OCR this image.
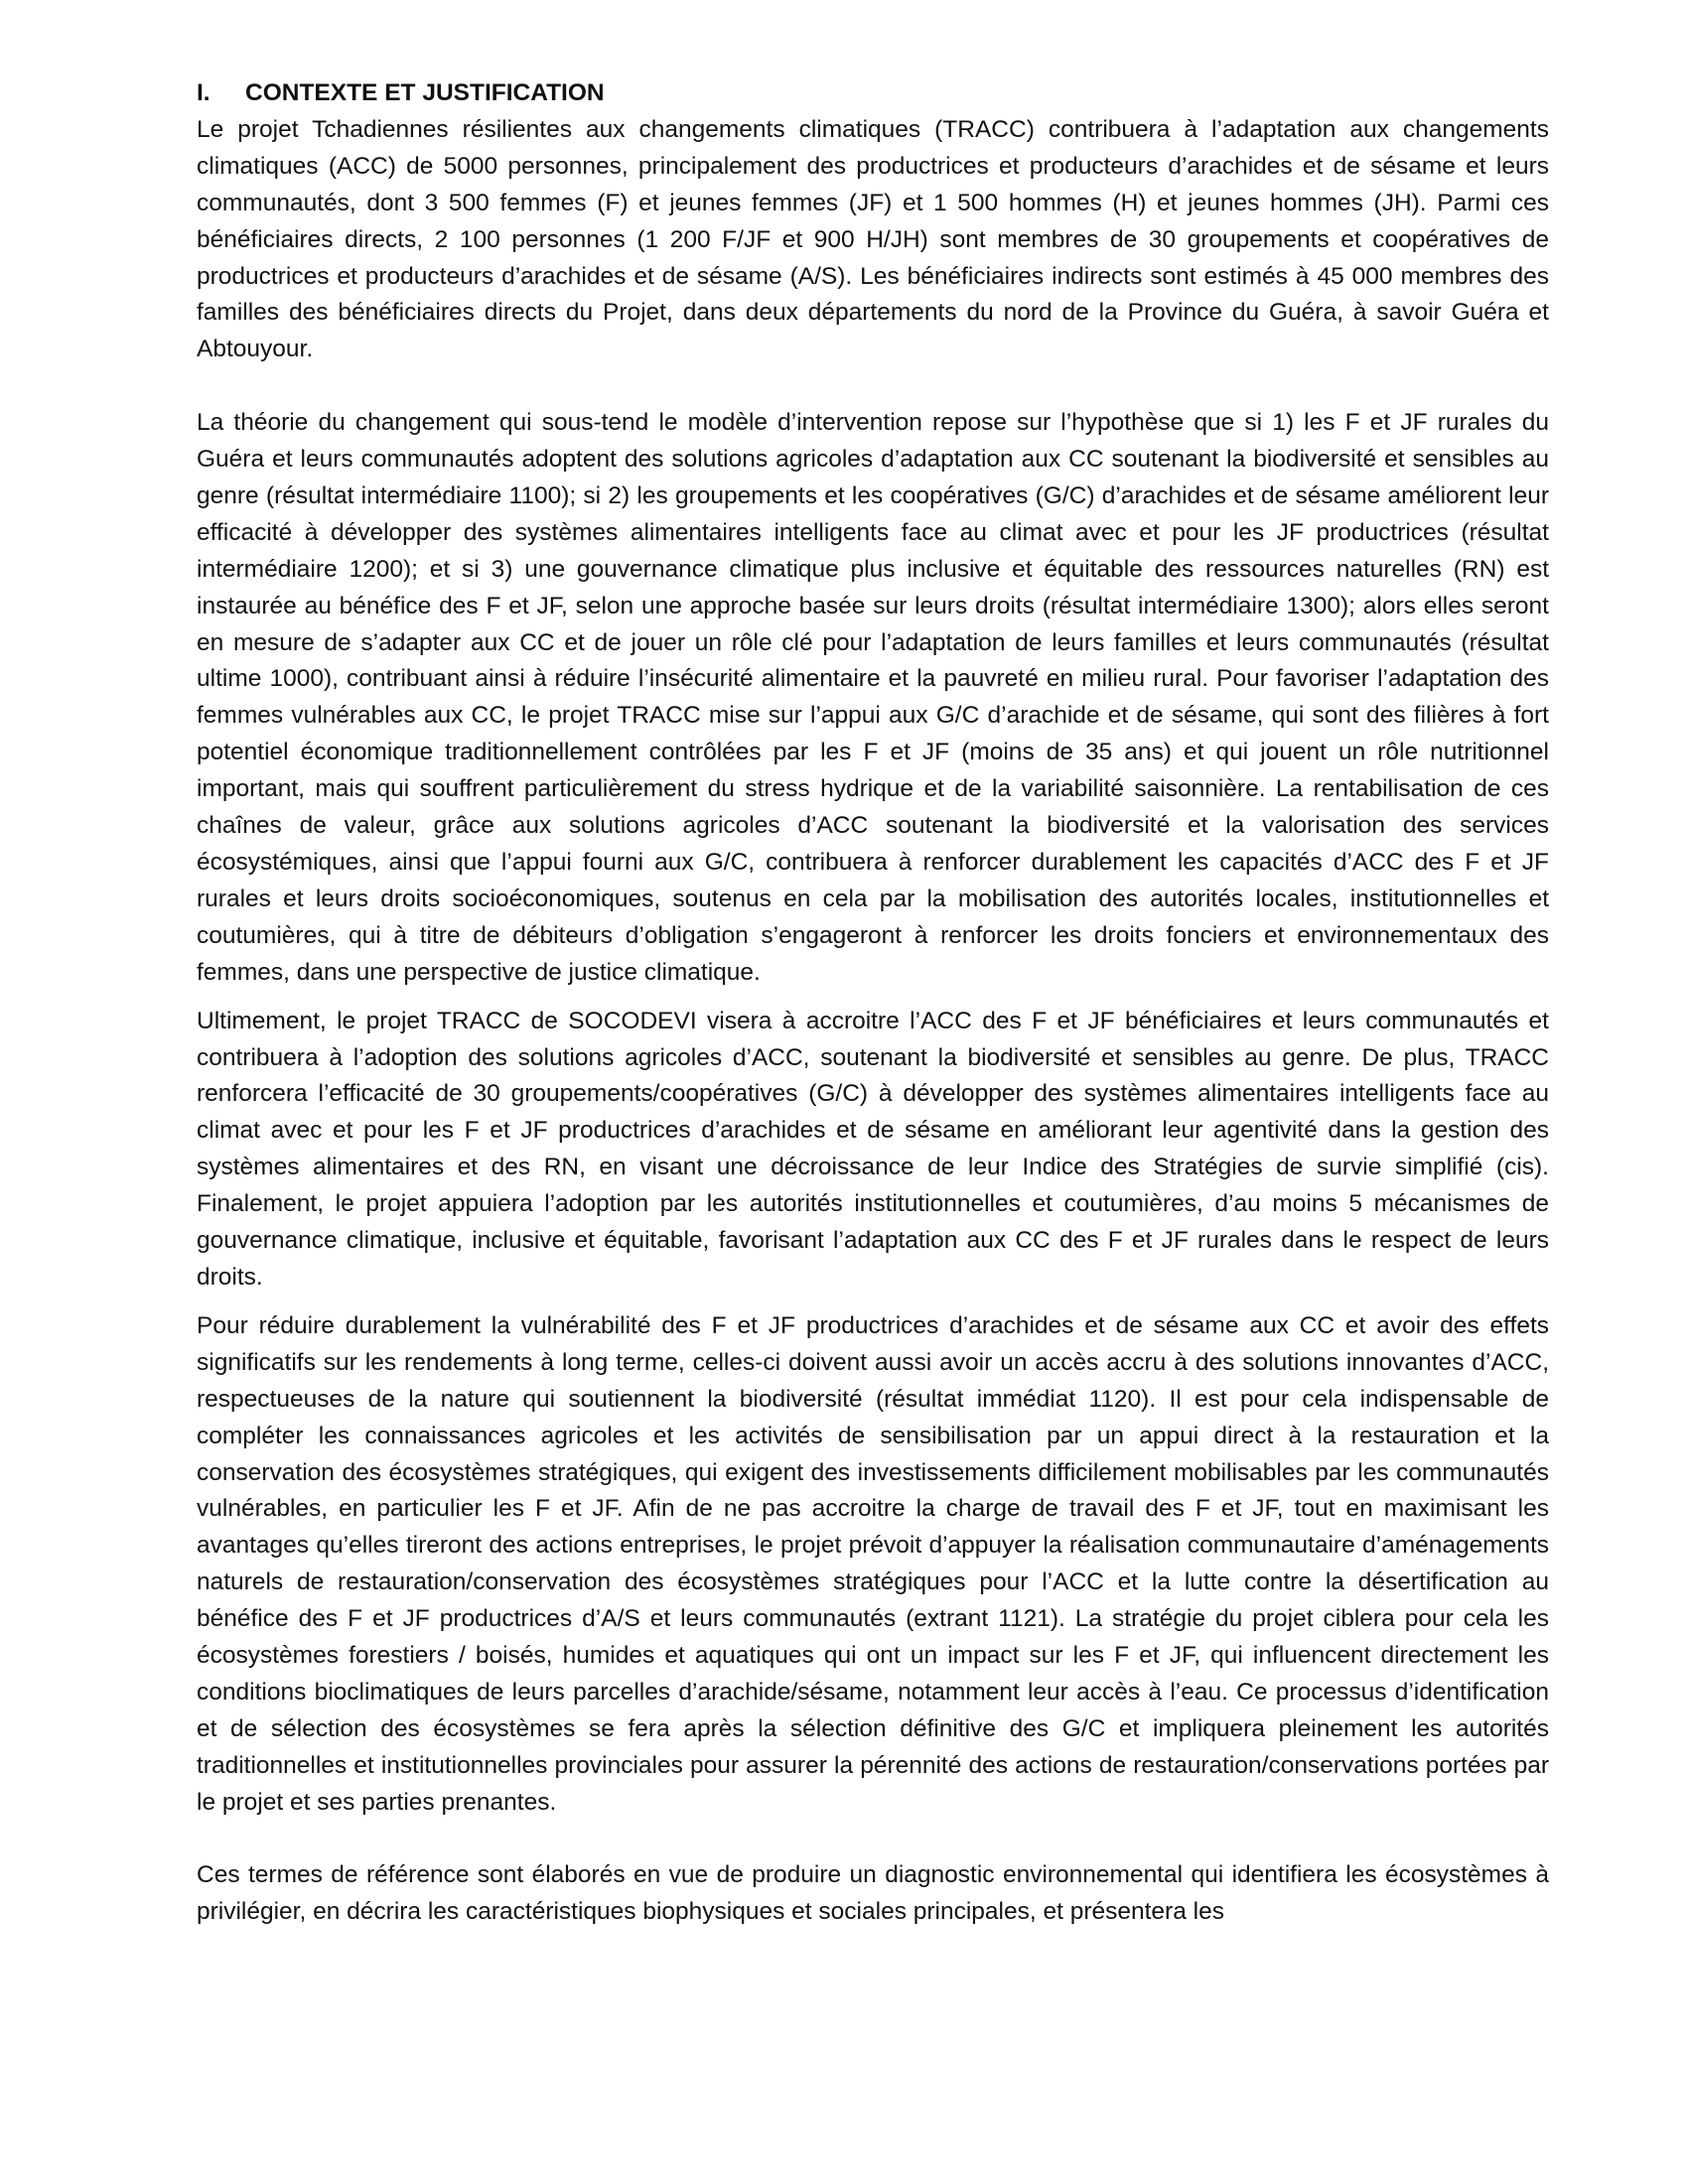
I.	CONTEXTE ET JUSTIFICATION

Le projet Tchadiennes résilientes aux changements climatiques (TRACC) contribuera à l’adaptation aux changements climatiques (ACC) de 5000 personnes, principalement des productrices et producteurs d’arachides et de sésame et leurs communautés, dont 3 500 femmes (F) et jeunes femmes (JF) et 1 500 hommes (H) et jeunes hommes (JH). Parmi ces bénéficiaires directs, 2 100 personnes (1 200 F/JF et 900 H/JH) sont membres de 30 groupements et coopératives de productrices et producteurs d’arachides et de sésame (A/S). Les bénéficiaires indirects sont estimés à 45 000 membres des familles des bénéficiaires directs du Projet, dans deux départements du nord de la Province du Guéra, à savoir Guéra et Abtouyour.

La théorie du changement qui sous-tend le modèle d’intervention repose sur l’hypothèse que si 1) les F et JF rurales du Guéra et leurs communautés adoptent des solutions agricoles d’adaptation aux CC soutenant la biodiversité et sensibles au genre (résultat intermédiaire 1100); si 2) les groupements et les coopératives (G/C) d’arachides et de sésame améliorent leur efficacité à développer des systèmes alimentaires intelligents face au climat avec et pour les JF productrices (résultat intermédiaire 1200); et si 3) une gouvernance climatique plus inclusive et équitable des ressources naturelles (RN) est instaurée au bénéfice des F et JF, selon une approche basée sur leurs droits (résultat intermédiaire 1300); alors elles seront en mesure de s’adapter aux CC et de jouer un rôle clé pour l’adaptation de leurs familles et leurs communautés (résultat ultime 1000), contribuant ainsi à réduire l’insécurité alimentaire et la pauvreté en milieu rural. Pour favoriser l’adaptation des femmes vulnérables aux CC, le projet TRACC mise sur l’appui aux G/C d’arachide et de sésame, qui sont des filières à fort potentiel économique traditionnellement contrôlées par les F et JF (moins de 35 ans) et qui jouent un rôle nutritionnel important, mais qui souffrent particulièrement du stress hydrique et de la variabilité saisonnière. La rentabilisation de ces chaînes de valeur, grâce aux solutions agricoles d’ACC soutenant la biodiversité et la valorisation des services écosystémiques, ainsi que l’appui fourni aux G/C, contribuera à renforcer durablement les capacités d’ACC des F et JF rurales et leurs droits socioéconomiques, soutenus en cela par la mobilisation des autorités locales, institutionnelles et coutumières, qui à titre de débiteurs d’obligation s’engageront à renforcer les droits fonciers et environnementaux des femmes, dans une perspective de justice climatique.

Ultimement, le projet TRACC de SOCODEVI visera à accroitre l’ACC des F et JF bénéficiaires et leurs communautés et contribuera à l’adoption des solutions agricoles d’ACC, soutenant la biodiversité et sensibles au genre. De plus, TRACC renforcera l’efficacité de 30 groupements/coopératives (G/C) à développer des systèmes alimentaires intelligents face au climat avec et pour les F et JF productrices d’arachides et de sésame en améliorant leur agentivité dans la gestion des systèmes alimentaires et des RN, en visant une décroissance de leur Indice des Stratégies de survie simplifié (cis). Finalement, le projet appuiera l’adoption par les autorités institutionnelles et coutumières, d’au moins 5 mécanismes de gouvernance climatique, inclusive et équitable, favorisant l’adaptation aux CC des F et JF rurales dans le respect de leurs droits.

Pour réduire durablement la vulnérabilité des F et JF productrices d’arachides et de sésame aux CC et avoir des effets significatifs sur les rendements à long terme, celles-ci doivent aussi avoir un accès accru à des solutions innovantes d’ACC, respectueuses de la nature qui soutiennent la biodiversité (résultat immédiat 1120). Il est pour cela indispensable de compléter les connaissances agricoles et les activités de sensibilisation par un appui direct à la restauration et la conservation des écosystèmes stratégiques, qui exigent des investissements difficilement mobilisables par les communautés vulnérables, en particulier les F et JF. Afin de ne pas accroitre la charge de travail des F et JF, tout en maximisant les avantages qu’elles tireront des actions entreprises, le projet prévoit d’appuyer la réalisation communautaire d’aménagements naturels de restauration/conservation des écosystèmes stratégiques pour l’ACC et la lutte contre la désertification au bénéfice des F et JF productrices d’A/S et leurs communautés (extrant 1121). La stratégie du projet ciblera pour cela les écosystèmes forestiers / boisés, humides et aquatiques qui ont un impact sur les F et JF, qui influencent directement les conditions bioclimatiques de leurs parcelles d’arachide/sésame, notamment leur accès à l’eau. Ce processus d’identification et de sélection des écosystèmes se fera après la sélection définitive des G/C et impliquera pleinement les autorités traditionnelles et institutionnelles provinciales pour assurer la pérennité des actions de restauration/conservations portées par le projet et ses parties prenantes.

Ces termes de référence sont élaborés en vue de produire un diagnostic environnemental qui identifiera les écosystèmes à privilégier, en décrira les caractéristiques biophysiques et sociales principales, et présentera les
